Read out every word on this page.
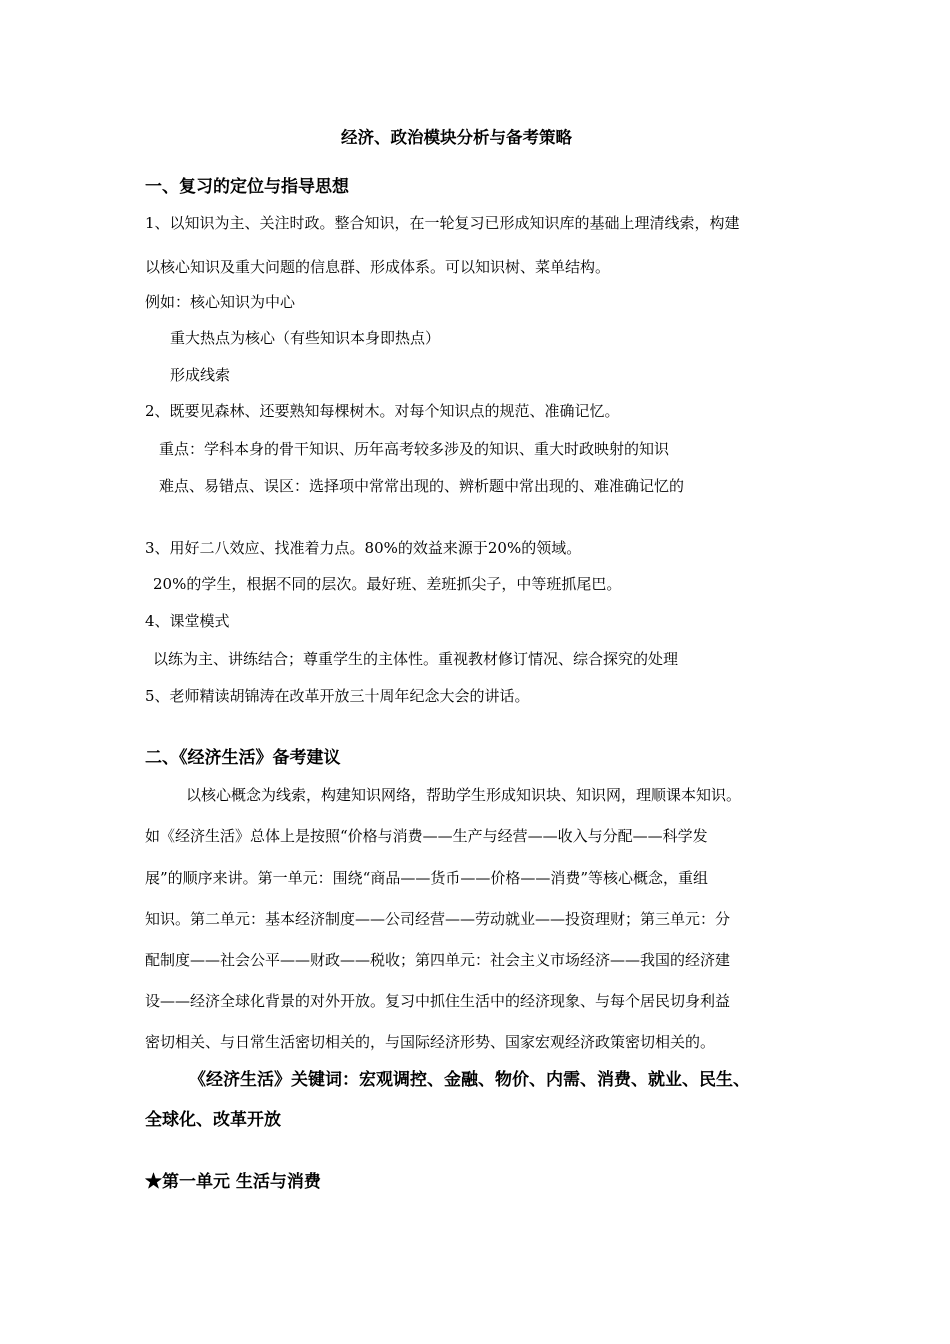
经济、政治模块分析与备考策略
一、复习的定位与指导思想
1、以知识为主、关注时政。整合知识，在一轮复习已形成知识库的基础上理清线索，构建
以核心知识及重大问题的信息群、形成体系。可以知识树、菜单结构。
例如：核心知识为中心
重大热点为核心（有些知识本身即热点）
形成线索
2、既要见森林、还要熟知每棵树木。对每个知识点的规范、准确记忆。
重点：学科本身的骨干知识、历年高考较多涉及的知识、重大时政映射的知识
难点、易错点、误区：选择项中常常出现的、辨析题中常出现的、难准确记忆的
3、用好二八效应、找准着力点。80%的效益来源于20%的领域。
20%的学生，根据不同的层次。最好班、差班抓尖子，中等班抓尾巴。
4、课堂模式
以练为主、讲练结合；尊重学生的主体性。重视教材修订情况、综合探究的处理
5、老师精读胡锦涛在改革开放三十周年纪念大会的讲话。
二、《经济生活》备考建议
以核心概念为线索，构建知识网络，帮助学生形成知识块、知识网，理顺课本知识。
如《经济生活》总体上是按照“价格与消费——生产与经营——收入与分配——科学发
展”的顺序来讲。第一单元：围绕“商品——货币——价格——消费”等核心概念，重组
知识。第二单元：基本经济制度——公司经营——劳动就业——投资理财；第三单元：分
配制度——社会公平——财政——税收；第四单元：社会主义市场经济——我国的经济建
设——经济全球化背景的对外开放。复习中抓住生活中的经济现象、与每个居民切身利益
密切相关、与日常生活密切相关的，与国际经济形势、国家宏观经济政策密切相关的。
《经济生活》关键词：宏观调控、金融、物价、内需、消费、就业、民生、
全球化、改革开放
★第一单元 生活与消费
